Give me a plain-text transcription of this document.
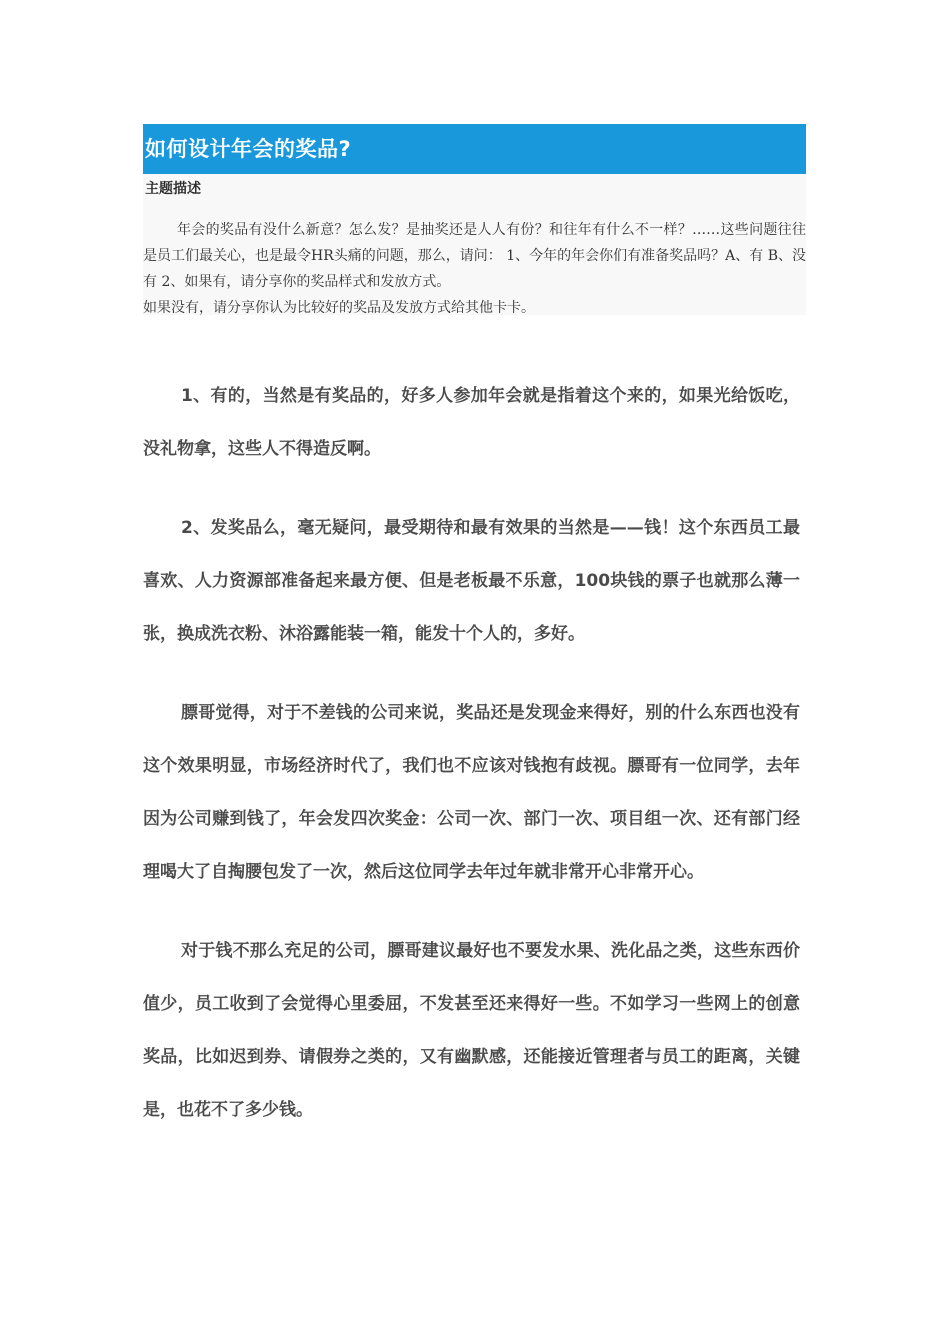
如何设计年会的奖品?
主题描述

年会的奖品有没什么新意？怎么发？是抽奖还是人人有份？和往年有什么不一样？……这些问题往往是员工们最关心，也是最令HR头痛的问题，那么，请问： 1、今年的年会你们有准备奖品吗？A、有 B、没有 2、如果有，请分享你的奖品样式和发放方式。

如果没有，请分享你认为比较好的奖品及发放方式给其他卡卡。

1、有的，当然是有奖品的，好多人参加年会就是指着这个来的，如果光给饭吃，没礼物拿，这些人不得造反啊。

2、发奖品么，毫无疑问，最受期待和最有效果的当然是——钱！这个东西员工最喜欢、人力资源部准备起来最方便、但是老板最不乐意，100块钱的票子也就那么薄一张，换成洗衣粉、沐浴露能装一箱，能发十个人的，多好。

膘哥觉得，对于不差钱的公司来说，奖品还是发现金来得好，别的什么东西也没有这个效果明显，市场经济时代了，我们也不应该对钱抱有歧视。膘哥有一位同学，去年因为公司赚到钱了，年会发四次奖金：公司一次、部门一次、项目组一次、还有部门经理喝大了自掏腰包发了一次，然后这位同学去年过年就非常开心非常开心。

对于钱不那么充足的公司，膘哥建议最好也不要发水果、洗化品之类，这些东西价值少，员工收到了会觉得心里委屈，不发甚至还来得好一些。不如学习一些网上的创意奖品，比如迟到券、请假券之类的，又有幽默感，还能接近管理者与员工的距离，关键是，也花不了多少钱。
